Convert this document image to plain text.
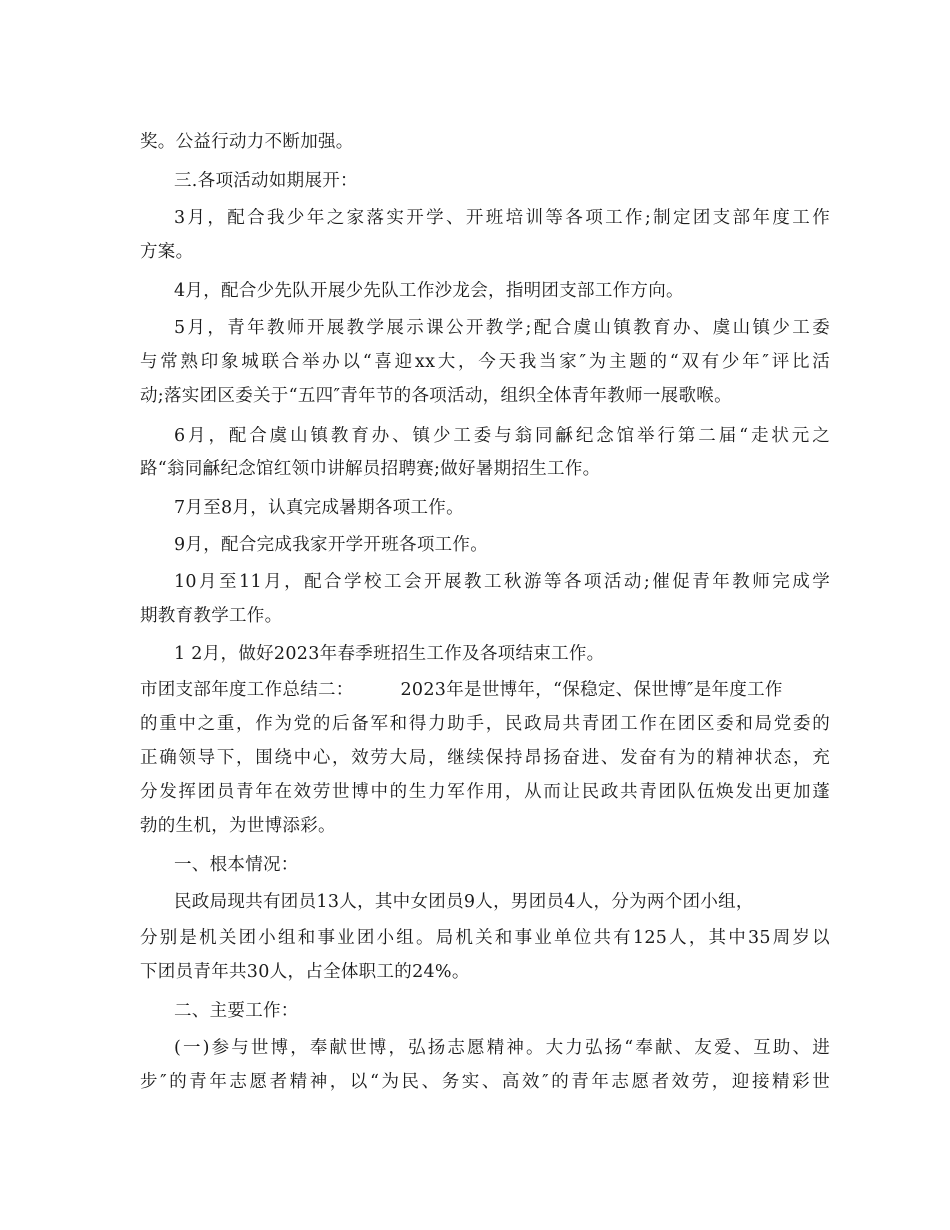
奖。公益行动力不断加强。
三.各项活动如期展开：
3月，配合我少年之家落实开学、开班培训等各项工作;制定团支部年度工作
方案。
4月，配合少先队开展少先队工作沙龙会，指明团支部工作方向。
5月，青年教师开展教学展示课公开教学;配合虞山镇教育办、虞山镇少工委
与常熟印象城联合举办以“喜迎xx大，今天我当家″为主题的“双有少年″评比活
动;落实团区委关于“五四″青年节的各项活动，组织全体青年教师一展歌喉。
6月，配合虞山镇教育办、镇少工委与翁同龢纪念馆举行第二届“走状元之
路“翁同龢纪念馆红领巾讲解员招聘赛;做好暑期招生工作。
7月至8月，认真完成暑期各项工作。
9月，配合完成我家开学开班各项工作。
10月至11月，配合学校工会开展教工秋游等各项活动;催促青年教师完成学
期教育教学工作。
1 2月，做好2023年春季班招生工作及各项结束工作。
市团支部年度工作总结二：        2023年是世博年，“保稳定、保世博″是年度工作
的重中之重，作为党的后备军和得力助手，民政局共青团工作在团区委和局党委的
正确领导下，围绕中心，效劳大局，继续保持昂扬奋进、发奋有为的精神状态，充
分发挥团员青年在效劳世博中的生力军作用，从而让民政共青团队伍焕发出更加蓬
勃的生机，为世博添彩。
一、根本情况：
民政局现共有团员13人，其中女团员9人，男团员4人，分为两个团小组，
分别是机关团小组和事业团小组。局机关和事业单位共有125人，其中35周岁以
下团员青年共30人，占全体职工的24%。
二、主要工作：
(一)参与世博，奉献世博，弘扬志愿精神。大力弘扬“奉献、友爱、互助、进
步″的青年志愿者精神，以“为民、务实、高效″的青年志愿者效劳，迎接精彩世
